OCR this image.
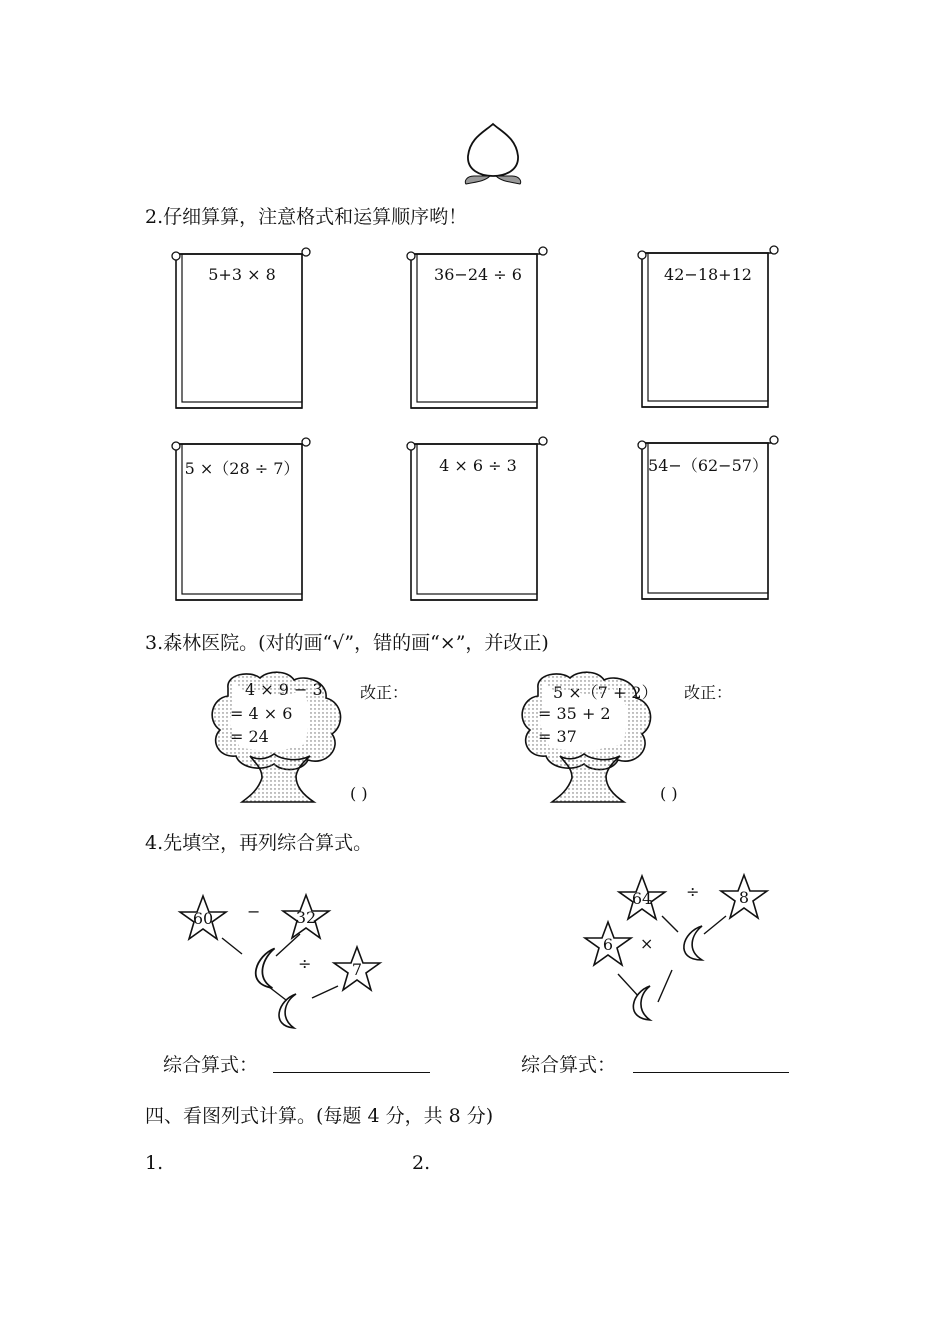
2.仔细算算，注意格式和运算顺序哟！
5+3 × 8	36−24 ÷ 6	42−18+12
5 ×（28 ÷ 7）	4 × 6 ÷ 3	54−（62−57）
3.森林医院。(对的画“√”，错的画“×”，并改正)
4 × 9 − 3
= 4 × 6
= 24
改正：
( )
5 ×（7 + 2）
= 35 + 2
= 37
改正：
( )
4.先填空，再列综合算式。
60	32
7
−
÷
64	8
6
÷
×
综合算式：	综合算式：
四、看图列式计算。(每题 4 分，共 8 分)
1.	2.
